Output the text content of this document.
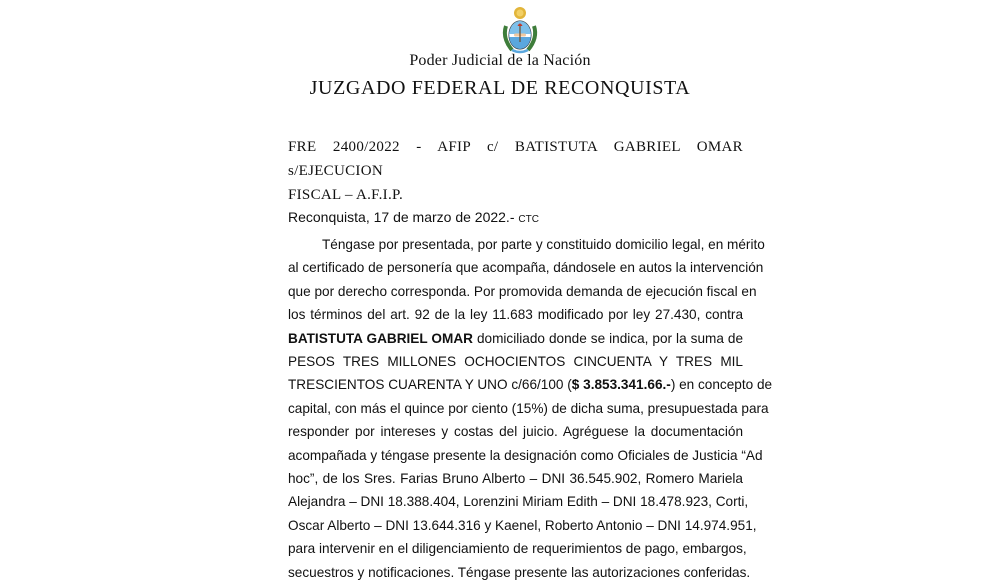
Poder Judicial de la Nación
JUZGADO FEDERAL DE RECONQUISTA
FRE 2400/2022 - AFIP c/ BATISTUTA GABRIEL OMAR s/EJECUCION
FISCAL – A.F.I.P.
Reconquista, 17 de marzo de 2022.- CTC
Téngase por presentada, por parte y constituido domicilio legal, en mérito
al certificado de personería que acompaña, dándosele en autos la intervención
que por derecho corresponda. Por promovida demanda de ejecución fiscal en
los términos del art. 92 de la ley 11.683 modificado por ley 27.430, contra
BATISTUTA GABRIEL OMAR domiciliado donde se indica, por la suma de
PESOS TRES MILLONES OCHOCIENTOS CINCUENTA Y TRES MIL
TRESCIENTOS CUARENTA Y UNO c/66/100 ($ 3.853.341.66.-) en concepto de
capital, con más el quince por ciento (15%) de dicha suma, presupuestada para
responder por intereses y costas del juicio. Agréguese la documentación
acompañada y téngase presente la designación como Oficiales de Justicia “Ad
hoc”, de los Sres. Farias Bruno Alberto – DNI 36.545.902, Romero Mariela
Alejandra – DNI 18.388.404, Lorenzini Miriam Edith – DNI 18.478.923, Corti,
Oscar Alberto – DNI 13.644.316 y Kaenel, Roberto Antonio – DNI 14.974.951,
para intervenir en el diligenciamiento de requerimientos de pago, embargos,
secuestros y notificaciones. Téngase presente las autorizaciones conferidas.
